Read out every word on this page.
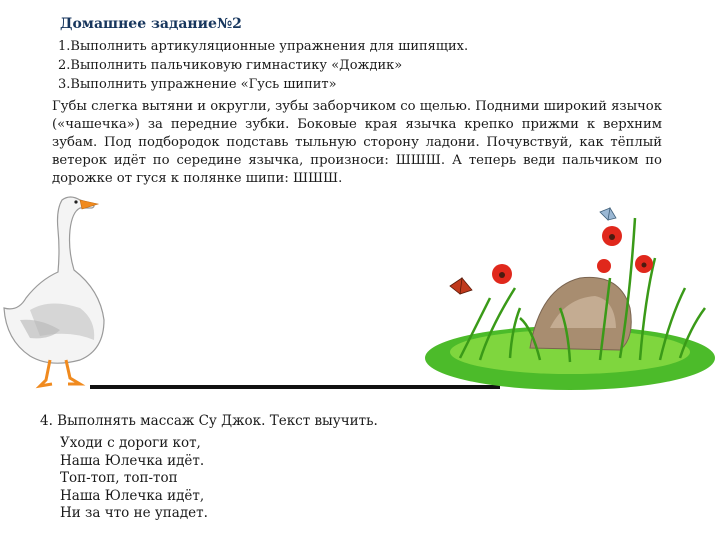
Домашнее задание№2
1.Выполнить артикуляционные упражнения для шипящих.
2.Выполнить пальчиковую гимнастику «Дождик»
3.Выполнить упражнение «Гусь шипит»
Губы слегка вытяни и округли, зубы заборчиком со щелью. Подними широкий язычок («чашечка») за передние зубки. Боковые края язычка крепко прижми к верхним зубам. Под подбородок подставь тыльную сторону ладони. Почувствуй, как тёплый ветерок идёт по середине язычка, произноси: ШШШ. А теперь веди пальчиком по дорожке от гуся к полянке шипи: ШШШ.
4. Выполнять массаж Су Джок. Текст выучить.
Уходи с дороги кот,
Наша Юлечка идёт.
Топ-топ, топ-топ
Наша Юлечка идёт,
Ни за что не упадет.
